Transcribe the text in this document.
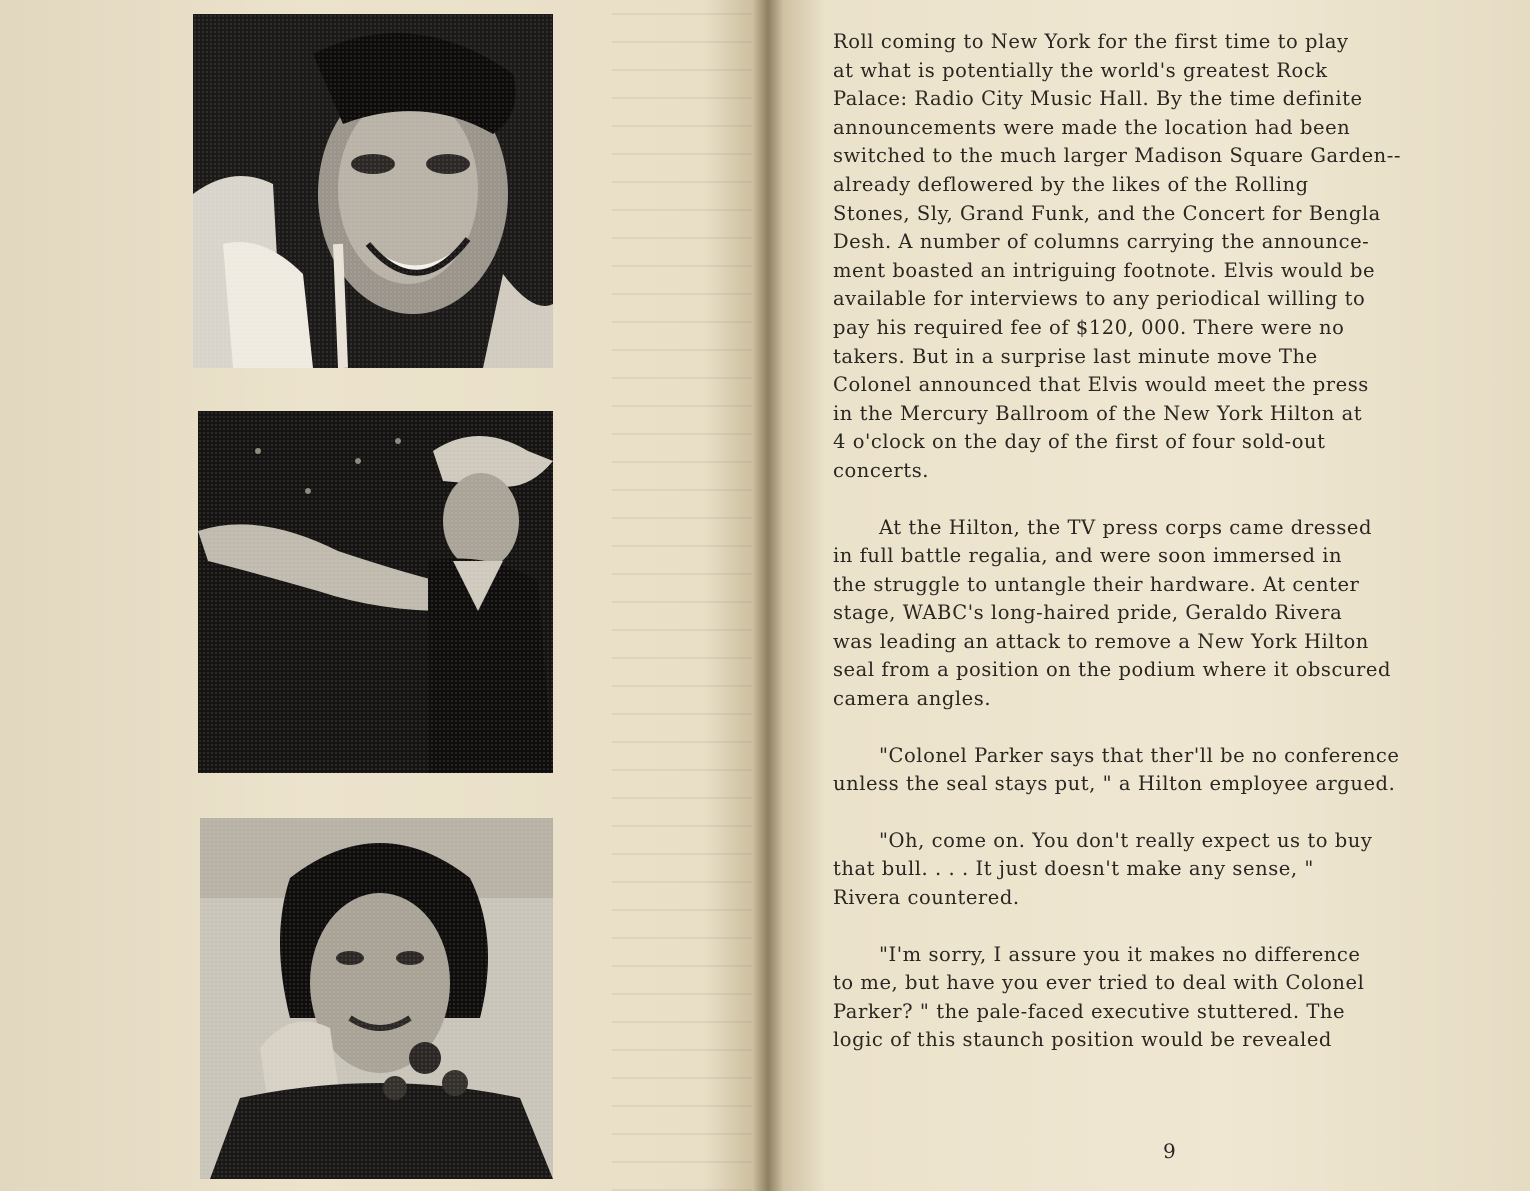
Roll coming to New York for the first time to play
at what is potentially the world's greatest Rock
Palace: Radio City Music Hall. By the time definite
announcements were made the location had been
switched to the much larger Madison Square Garden--
already deflowered by the likes of the Rolling
Stones, Sly, Grand Funk, and the Concert for Bengla
Desh. A number of columns carrying the announce-
ment boasted an intriguing footnote. Elvis would be
available for interviews to any periodical willing to
pay his required fee of $120, 000. There were no
takers. But in a surprise last minute move The
Colonel announced that Elvis would meet the press
in the Mercury Ballroom of the New York Hilton at
4 o'clock on the day of the first of four sold-out
concerts.

At the Hilton, the TV press corps came dressed
in full battle regalia, and were soon immersed in
the struggle to untangle their hardware. At center
stage, WABC's long-haired pride, Geraldo Rivera
was leading an attack to remove a New York Hilton
seal from a position on the podium where it obscured
camera angles.

"Colonel Parker says that ther'll be no conference
unless the seal stays put, " a Hilton employee argued.

"Oh, come on. You don't really expect us to buy
that bull. . . . It just doesn't make any sense, "
Rivera countered.

"I'm sorry, I assure you it makes no difference
to me, but have you ever tried to deal with Colonel
Parker? " the pale-faced executive stuttered. The
logic of this staunch position would be revealed

9
